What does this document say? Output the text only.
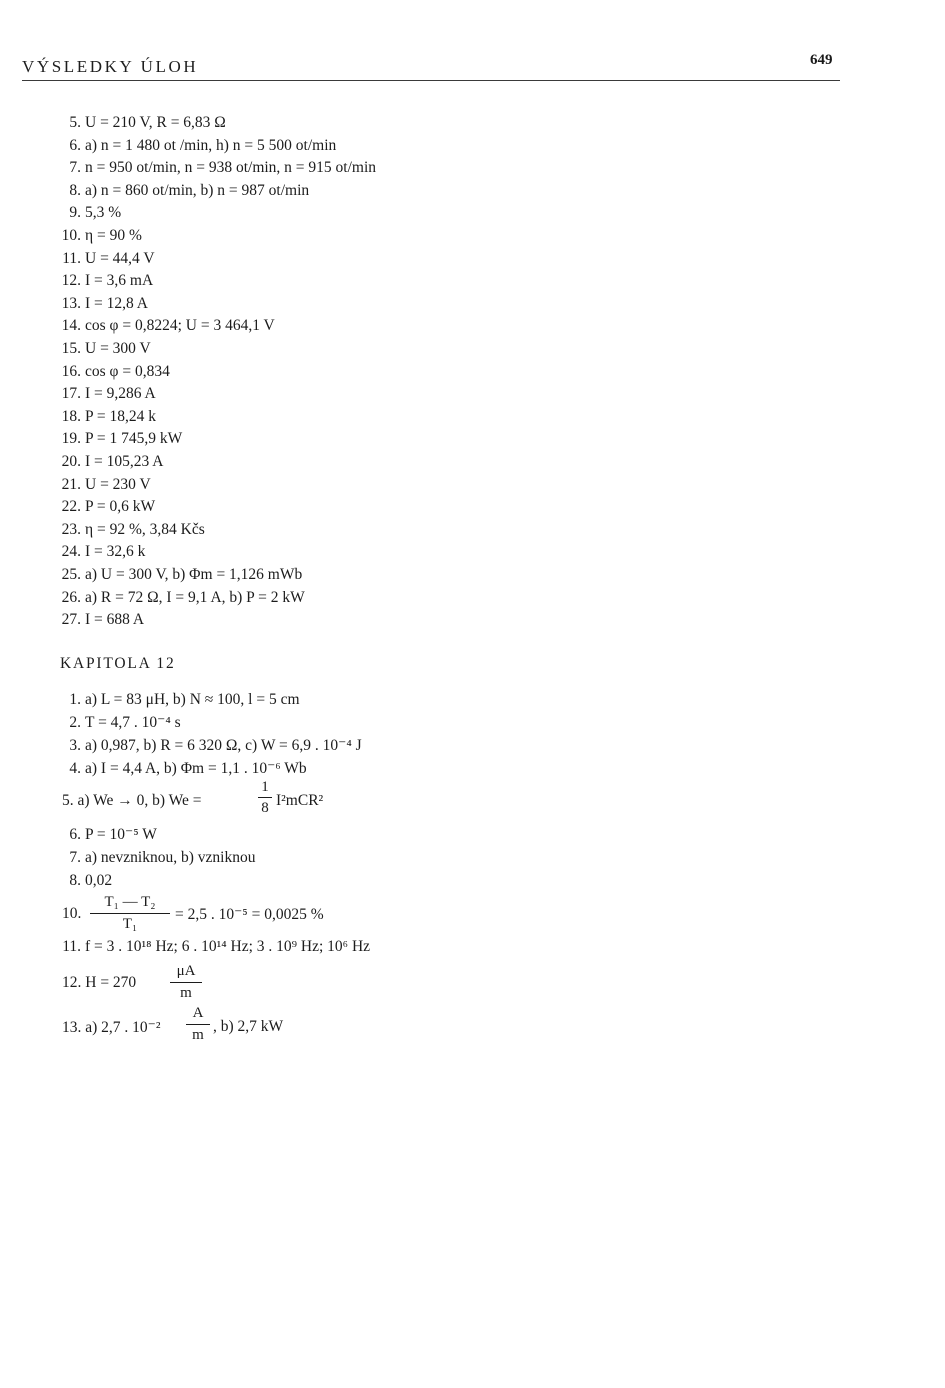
VÝSLEDKY ÚLOH	649
5. U = 210 V, R = 6,83 Ω
6. a) n = 1 480 ot /min, h) n = 5 500 ot/min
7. n = 950 ot/min, n = 938 ot/min, n = 915 ot/min
8. a) n = 860 ot/min, b) n = 987 ot/min
9. 5,3 %
10. η = 90 %
11. U = 44,4 V
12. I = 3,6 mA
13. I = 12,8 A
14. cos φ = 0,8224; U = 3 464,1 V
15. U = 300 V
16. cos φ = 0,834
17. I = 9,286 A
18. P = 18,24 k
19. P = 1 745,9 kW
20. I = 105,23 A
21. U = 230 V
22. P = 0,6 kW
23. η = 92 %, 3,84 Kčs
24. I = 32,6 k
25. a) U = 300 V, b) Φm = 1,126 mWb
26. a) R = 72 Ω, I = 9,1 A, b) P = 2 kW
27. I = 688 A
KAPITOLA 12
1. a) L = 83 μH, b) N ≈ 100, l = 5 cm
2. T = 4,7 . 10⁻⁴ s
3. a) 0,987, b) R = 6 320 Ω, c) W = 6,9 . 10⁻⁴ J
4. a) I = 4,4 A, b) Φm = 1,1 . 10⁻⁶ Wb
6. P = 10⁻⁵ W
7. a) nevzniknou, b) vzniknou
8. 0,02
11. f = 3 . 10¹⁸ Hz; 6 . 10¹⁴ Hz; 3 . 10⁹ Hz; 10⁶ Hz
5. a) We → 0, b) We =
1
8 I²mCR²
10.
T₁ — T₂
T₁
= 2,5 . 10⁻⁵ = 0,0025 %
12. H = 270
μA
m
13. a) 2,7 . 10⁻²
A
m , b) 2,7 kW
